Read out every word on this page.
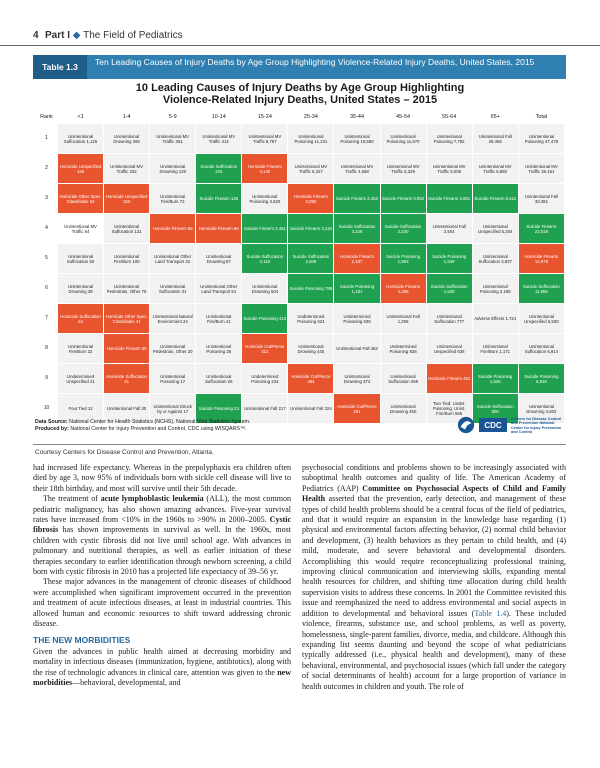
4 Part I ◆ The Field of Pediatrics
Table 1.3	Ten Leading Causes of Injury Deaths by Age Group Highlighting Violence-Related Injury Deaths, United States, 2015
10 Leading Causes of Injury Deaths by Age Group Highlighting
Violence-Related Injury Deaths, United States – 2015
Rank	<1	1-4	5-9	10-14	15-24	25-34	35-44	45-54	55-64	65+	Total
1	Unintentional Suffocation 1,125	Unintentional Drowning 390	Unintentional MV Traffic 351	Unintentional MV Traffic 412	Unintentional MV Traffic 6,787	Unintentional Poisoning 11,231	Unintentional Poisoning 10,580	Unintentional Poisoning 11,670	Unintentional Poisoning 7,782	Unintentional Fall 29,466	Unintentional Poisoning 47,478
2	Homicide Unspecified 136	Unintentional MV Traffic 332	Unintentional Drowning 129	Suicide Suffocation 234	Homicide Firearm 4,140	Unintentional MV Traffic 6,327	Unintentional MV Traffic 4,668	Unintentional MV Traffic 5,329	Unintentional MV Traffic 5,008	Unintentional MV Traffic 6,860	Unintentional MV Traffic 36,161
3	Homicide Other Spec. Classifiable 62	Homicide Unspecified 153	Unintentional Fire/Burn 72	Suicide Firearm 136	Unintentional Poisoning 3,620	Homicide Firearm 3,090	Suicide Firearm 2,452	Suicide Firearm 3,952	Suicide Firearm 3,951	Suicide Firearm 5,511	Unintentional Fall 33,381
4	Unintentional MV Traffic 64	Unintentional Suffocation 131	Homicide Firearm 86	Homicide Firearm 86	Suicide Firearm 2,461	Suicide Firearm 3,118	Suicide Suffocation 2,228	Suicide Suffocation 2,230	Unintentional Fall 2,504	Unintentional Unspecified 5,204	Suicide Firearm 22,018
5	Unintentional Suffocation 50	Unintentional Fire/Burn 100	Unintentional Other Land Transport 32	Unintentional Drowning 87	Suicide Suffocation 2,119	Suicide Suffocation 2,506	Homicide Firearm 2,187	Suicide Poisoning 1,883	Suicide Poisoning 1,549	Unintentional Suffocation 3,837	Homicide Firearm 12,979
6	Unintentional Drowning 38	Unintentional Pedestrian, Other 75	Unintentional Suffocation 31	Unintentional Other Land Transport 51	Unintentional Drowning 504	Suicide Poisoning 788	Suicide Poisoning 1,181	Homicide Firearm 1,289	Suicide Suffocation 1,530	Unintentional Poisoning 2,198	Suicide Suffocation 11,855
7	Homicide Suffocation 24	Homicide Other Spec. Classifiable 41	Unintentional Natural Environment 24	Unintentional Fire/Burn 41	Suicide Poisoning 413	Undetermined Poisoning 624	Undetermined Poisoning 639	Unintentional Fall 1,296	Unintentional Suffocation 777	Adverse Effects 1,721	Unintentional Unspecified 6,930
8	Unintentional Fire/Burn 22	Homicide Firearm 30	Unintentional Pedestrian, Other 20	Unintentional Poisoning 36	Homicide Cut/Pierce 312	Unintentional Drowning 445	Unintentional Fall 462	Undetermined Poisoning 828	Unintentional Unspecified 636	Unintentional Fire/Burn 1,171	Unintentional Suffocation 6,914
9	Undetermined Unspecified 21	Homicide Suffocation 41	Unintentional Poisoning 17	Unintentional Suffocation 26	Undetermined Poisoning 234	Homicide Cut/Pierce 384	Unintentional Drowning 374	Unintentional Suffocation 469	Homicide Firearm 481	Suicide Poisoning 1,535	Suicide Poisoning 6,818
10	Four Tied 12	Unintentional Fall 30	Unintentional Struck by or Against 17	Suicide Poisoning 23	Unintentional Fall 217	Unintentional Fall 324	Homicide Cut/Pierce 261	Unintentional Drowning 450	Two Tied: Undet. Poisoning, Unint. Fire/Burn 565	Suicide Suffocation 900	Unintentional Drowning 3,602
Data Source: National Center for Health Statistics (NCHS), National Vital Statistics System.
Produced by: National Center for Injury Prevention and Control, CDC using WISQARS™.	CDC
Centers for Disease Control and Prevention National Center for Injury Prevention and Control
Courtesy Centers for Disease Control and Prevention, Atlanta.

had increased life expectancy. Whereas in the prepolyphaxis era children often died by age 3, now 95% of individuals born with sickle cell disease will live to their 18th birthday, and most will survive until their 5th decade.

The treatment of acute lymphoblastic leukemia (ALL), the most common pediatric malignancy, has also shown amazing advances. Five-year survival rates have increased from <10% in the 1960s to >90% in 2000–2005. Cystic fibrosis has shown improvements in survival as well. In the 1960s, most children with cystic fibrosis did not live until school age. With advances in pulmonary and nutritional therapies, as well as earlier initiation of these therapies secondary to earlier identification through newborn screening, a child born with cystic fibrosis in 2010 has a projected life expectancy of 39–56 yr.

These major advances in the management of chronic diseases of childhood were accomplished when significant improvement occurred in the prevention and treatment of acute infectious diseases, at least in industrial countries. This allowed human and economic resources to shift toward addressing chronic disease.

THE NEW MORBIDITIES

Given the advances in public health aimed at decreasing morbidity and mortality in infectious diseases (immunization, hygiene, antibiotics), along with the rise of technologic advances in clinical care, attention was given to the new morbidities—behavioral, developmental, and

psychosocial conditions and problems shown to be increasingly associated with suboptimal health outcomes and quality of life. The American Academy of Pediatrics (AAP) Committee on Psychosocial Aspects of Child and Family Health asserted that the prevention, early detection, and management of these types of child health problems should be a central focus of the field of pediatrics, and that it would require an expansion in the knowledge base regarding (1) physical and environmental factors affecting behavior, (2) normal child behavior and development, (3) health behaviors as they pertain to child health, and (4) mild, moderate, and severe behavioral and developmental disorders. Accomplishing this would require reconceptualizing professional training, improving clinical communication and interviewing skills, expanding mental health resources for children, and shifting time allocation during child health supervision visits to address these concerns. In 2001 the Committee revisited this issue and reemphasized the need to address environmental and social aspects in addition to developmental and behavioral issues (Table 1.4). These included violence, firearms, substance use, and school problems, as well as poverty, homelessness, single-parent families, divorce, media, and childcare. Although this expanding list seems daunting and beyond the scope of what pediatricians typically addressed (i.e., physical health and development), many of these behavioral, environmental, and psychosocial issues (which fall under the category of social determinants of health) account for a large proportion of variance in health outcomes in children and youth. The role of
